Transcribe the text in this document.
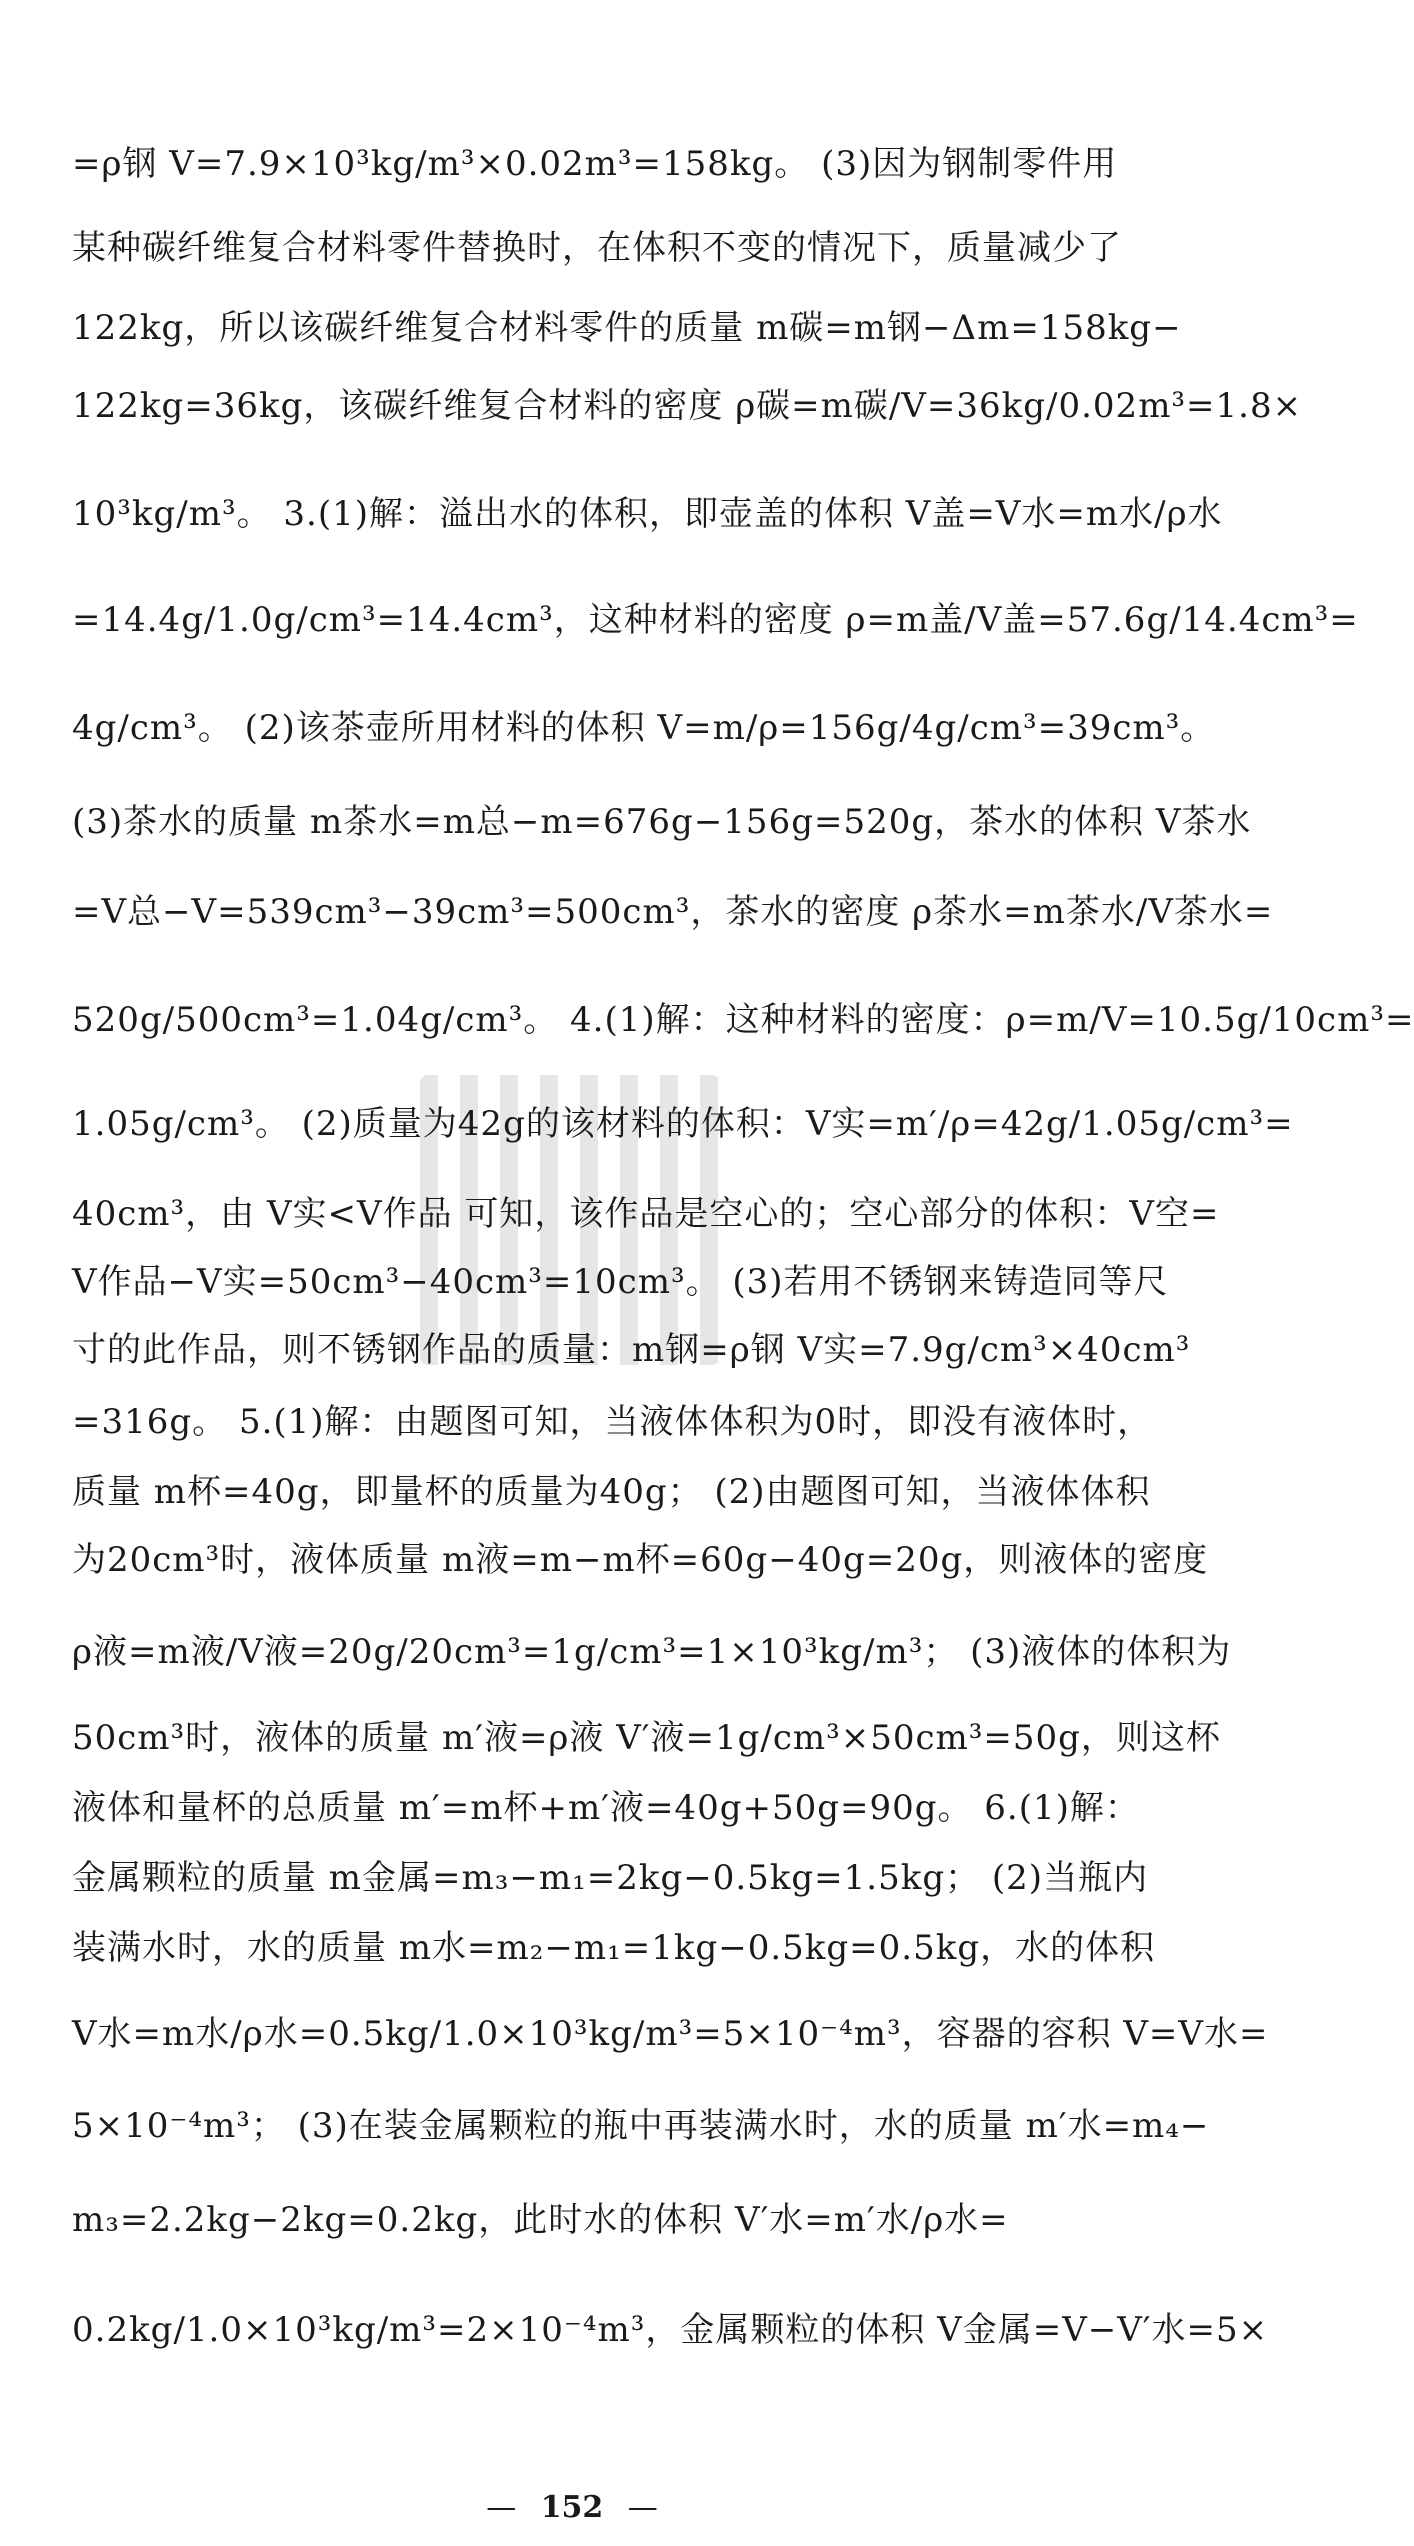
=ρ钢 V=7.9×10³kg/m³×0.02m³=158kg。 (3)因为钢制零件用
某种碳纤维复合材料零件替换时，在体积不变的情况下，质量减少了
122kg，所以该碳纤维复合材料零件的质量 m碳=m钢−Δm=158kg−
122kg=36kg，该碳纤维复合材料的密度 ρ碳=m碳/V=36kg/0.02m³=1.8×
10³kg/m³。 3.(1)解：溢出水的体积，即壶盖的体积 V盖=V水=m水/ρ水
=14.4g/1.0g/cm³=14.4cm³，这种材料的密度 ρ=m盖/V盖=57.6g/14.4cm³=
4g/cm³。 (2)该茶壶所用材料的体积 V=m/ρ=156g/4g/cm³=39cm³。
(3)茶水的质量 m茶水=m总−m=676g−156g=520g，茶水的体积 V茶水
=V总−V=539cm³−39cm³=500cm³，茶水的密度 ρ茶水=m茶水/V茶水=
520g/500cm³=1.04g/cm³。 4.(1)解：这种材料的密度：ρ=m/V=10.5g/10cm³=
1.05g/cm³。 (2)质量为42g的该材料的体积：V实=m′/ρ=42g/1.05g/cm³=
40cm³，由 V实<V作品 可知，该作品是空心的；空心部分的体积：V空=
V作品−V实=50cm³−40cm³=10cm³。 (3)若用不锈钢来铸造同等尺
寸的此作品，则不锈钢作品的质量：m钢=ρ钢 V实=7.9g/cm³×40cm³
=316g。 5.(1)解：由题图可知，当液体体积为0时，即没有液体时，
质量 m杯=40g，即量杯的质量为40g； (2)由题图可知，当液体体积
为20cm³时，液体质量 m液=m−m杯=60g−40g=20g，则液体的密度
ρ液=m液/V液=20g/20cm³=1g/cm³=1×10³kg/m³； (3)液体的体积为
50cm³时，液体的质量 m′液=ρ液 V′液=1g/cm³×50cm³=50g，则这杯
液体和量杯的总质量 m′=m杯+m′液=40g+50g=90g。 6.(1)解：
金属颗粒的质量 m金属=m₃−m₁=2kg−0.5kg=1.5kg； (2)当瓶内
装满水时，水的质量 m水=m₂−m₁=1kg−0.5kg=0.5kg，水的体积
V水=m水/ρ水=0.5kg/1.0×10³kg/m³=5×10⁻⁴m³，容器的容积 V=V水=
5×10⁻⁴m³； (3)在装金属颗粒的瓶中再装满水时，水的质量 m′水=m₄−
m₃=2.2kg−2kg=0.2kg，此时水的体积 V′水=m′水/ρ水=
0.2kg/1.0×10³kg/m³=2×10⁻⁴m³，金属颗粒的体积 V金属=V−V′水=5×
— 152 —
